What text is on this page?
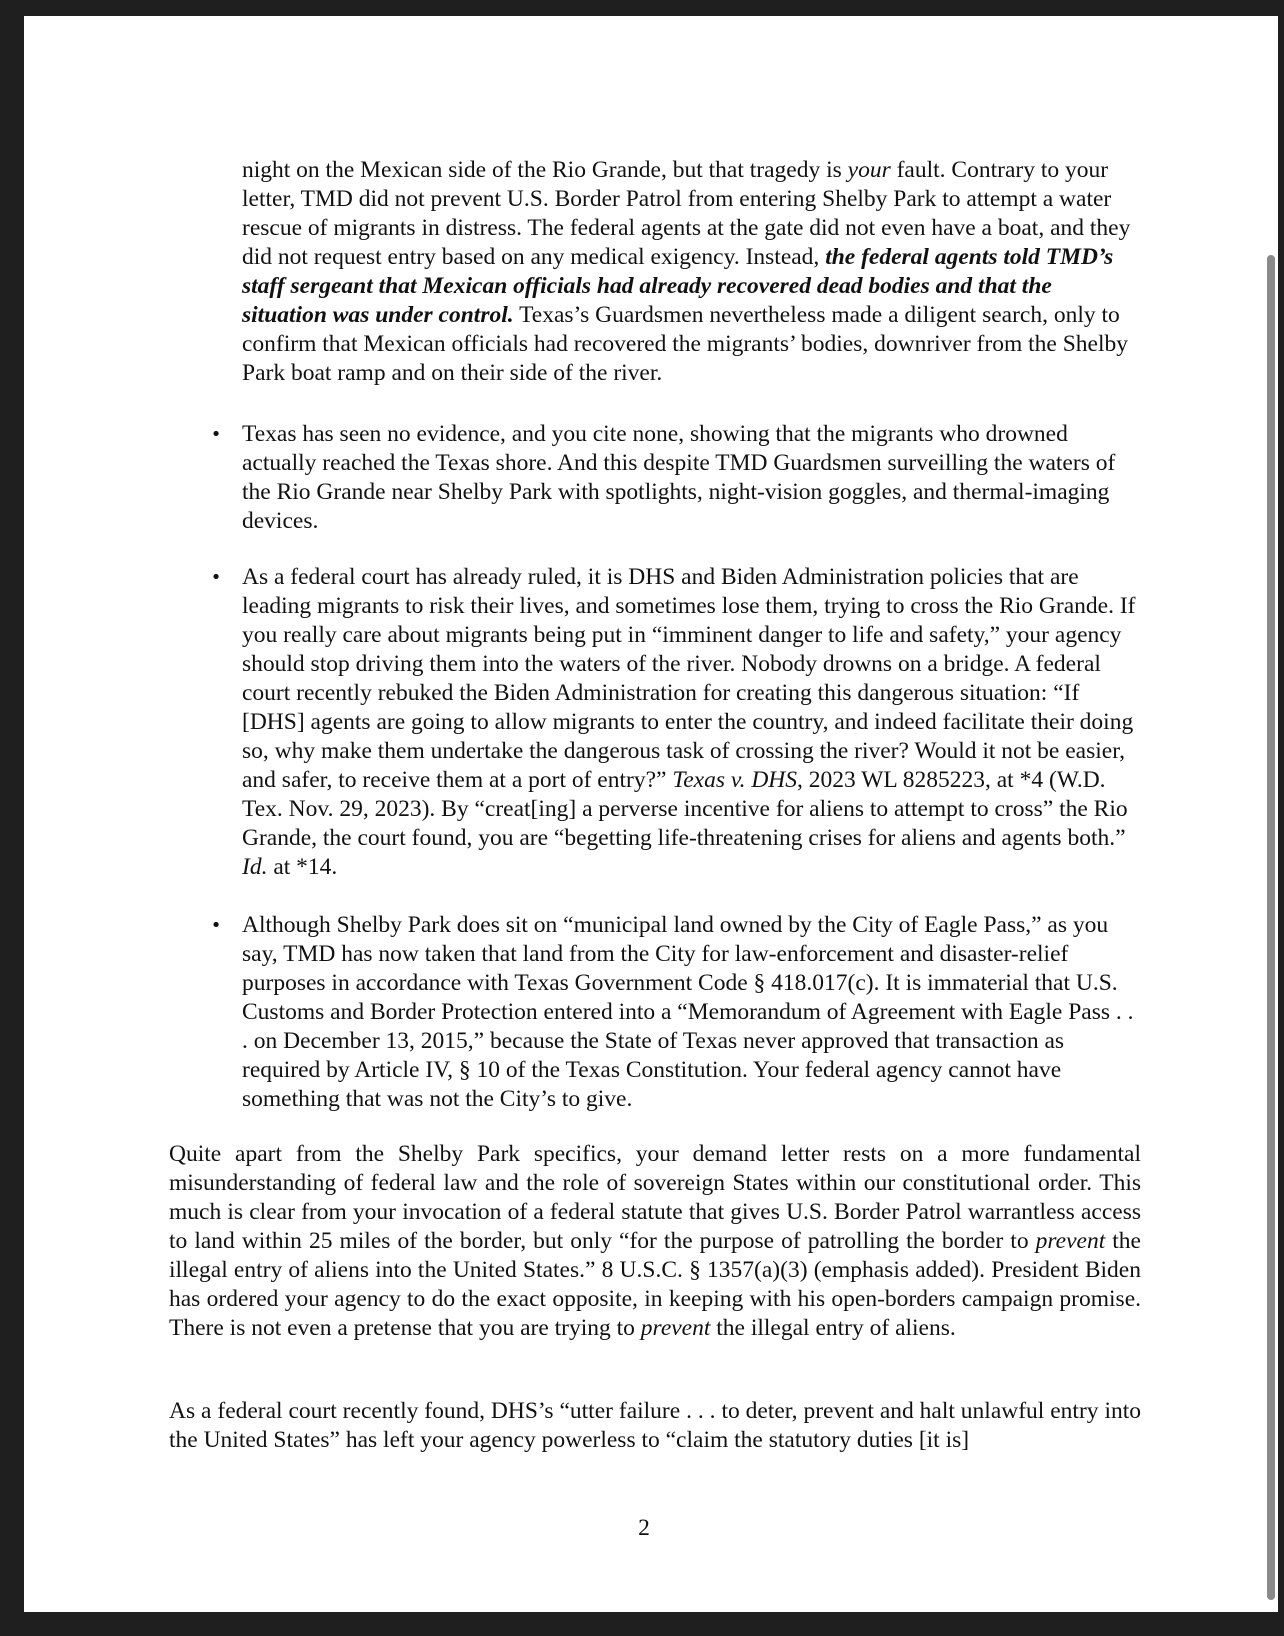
night on the Mexican side of the Rio Grande, but that tragedy is your fault. Contrary to your letter, TMD did not prevent U.S. Border Patrol from entering Shelby Park to attempt a water rescue of migrants in distress. The federal agents at the gate did not even have a boat, and they did not request entry based on any medical exigency. Instead, the federal agents told TMD’s staff sergeant that Mexican officials had already recovered dead bodies and that the situation was under control. Texas’s Guardsmen nevertheless made a diligent search, only to confirm that Mexican officials had recovered the migrants’ bodies, downriver from the Shelby Park boat ramp and on their side of the river.

• Texas has seen no evidence, and you cite none, showing that the migrants who drowned actually reached the Texas shore. And this despite TMD Guardsmen surveilling the waters of the Rio Grande near Shelby Park with spotlights, night-vision goggles, and thermal-imaging devices.

• As a federal court has already ruled, it is DHS and Biden Administration policies that are leading migrants to risk their lives, and sometimes lose them, trying to cross the Rio Grande. If you really care about migrants being put in “imminent danger to life and safety,” your agency should stop driving them into the waters of the river. Nobody drowns on a bridge. A federal court recently rebuked the Biden Administration for creating this dangerous situation: “If [DHS] agents are going to allow migrants to enter the country, and indeed facilitate their doing so, why make them undertake the dangerous task of crossing the river? Would it not be easier, and safer, to receive them at a port of entry?” Texas v. DHS, 2023 WL 8285223, at *4 (W.D. Tex. Nov. 29, 2023). By “creat[ing] a perverse incentive for aliens to attempt to cross” the Rio Grande, the court found, you are “begetting life-threatening crises for aliens and agents both.” Id. at *14.

• Although Shelby Park does sit on “municipal land owned by the City of Eagle Pass,” as you say, TMD has now taken that land from the City for law-enforcement and disaster-relief purposes in accordance with Texas Government Code § 418.017(c). It is immaterial that U.S. Customs and Border Protection entered into a “Memorandum of Agreement with Eagle Pass . . . on December 13, 2015,” because the State of Texas never approved that transaction as required by Article IV, § 10 of the Texas Constitution. Your federal agency cannot have something that was not the City’s to give.

Quite apart from the Shelby Park specifics, your demand letter rests on a more fundamental misunderstanding of federal law and the role of sovereign States within our constitutional order. This much is clear from your invocation of a federal statute that gives U.S. Border Patrol warrantless access to land within 25 miles of the border, but only “for the purpose of patrolling the border to prevent the illegal entry of aliens into the United States.” 8 U.S.C. § 1357(a)(3) (emphasis added). President Biden has ordered your agency to do the exact opposite, in keeping with his open-borders campaign promise. There is not even a pretense that you are trying to prevent the illegal entry of aliens.

As a federal court recently found, DHS’s “utter failure . . . to deter, prevent and halt unlawful entry into the United States” has left your agency powerless to “claim the statutory duties [it is]

2
